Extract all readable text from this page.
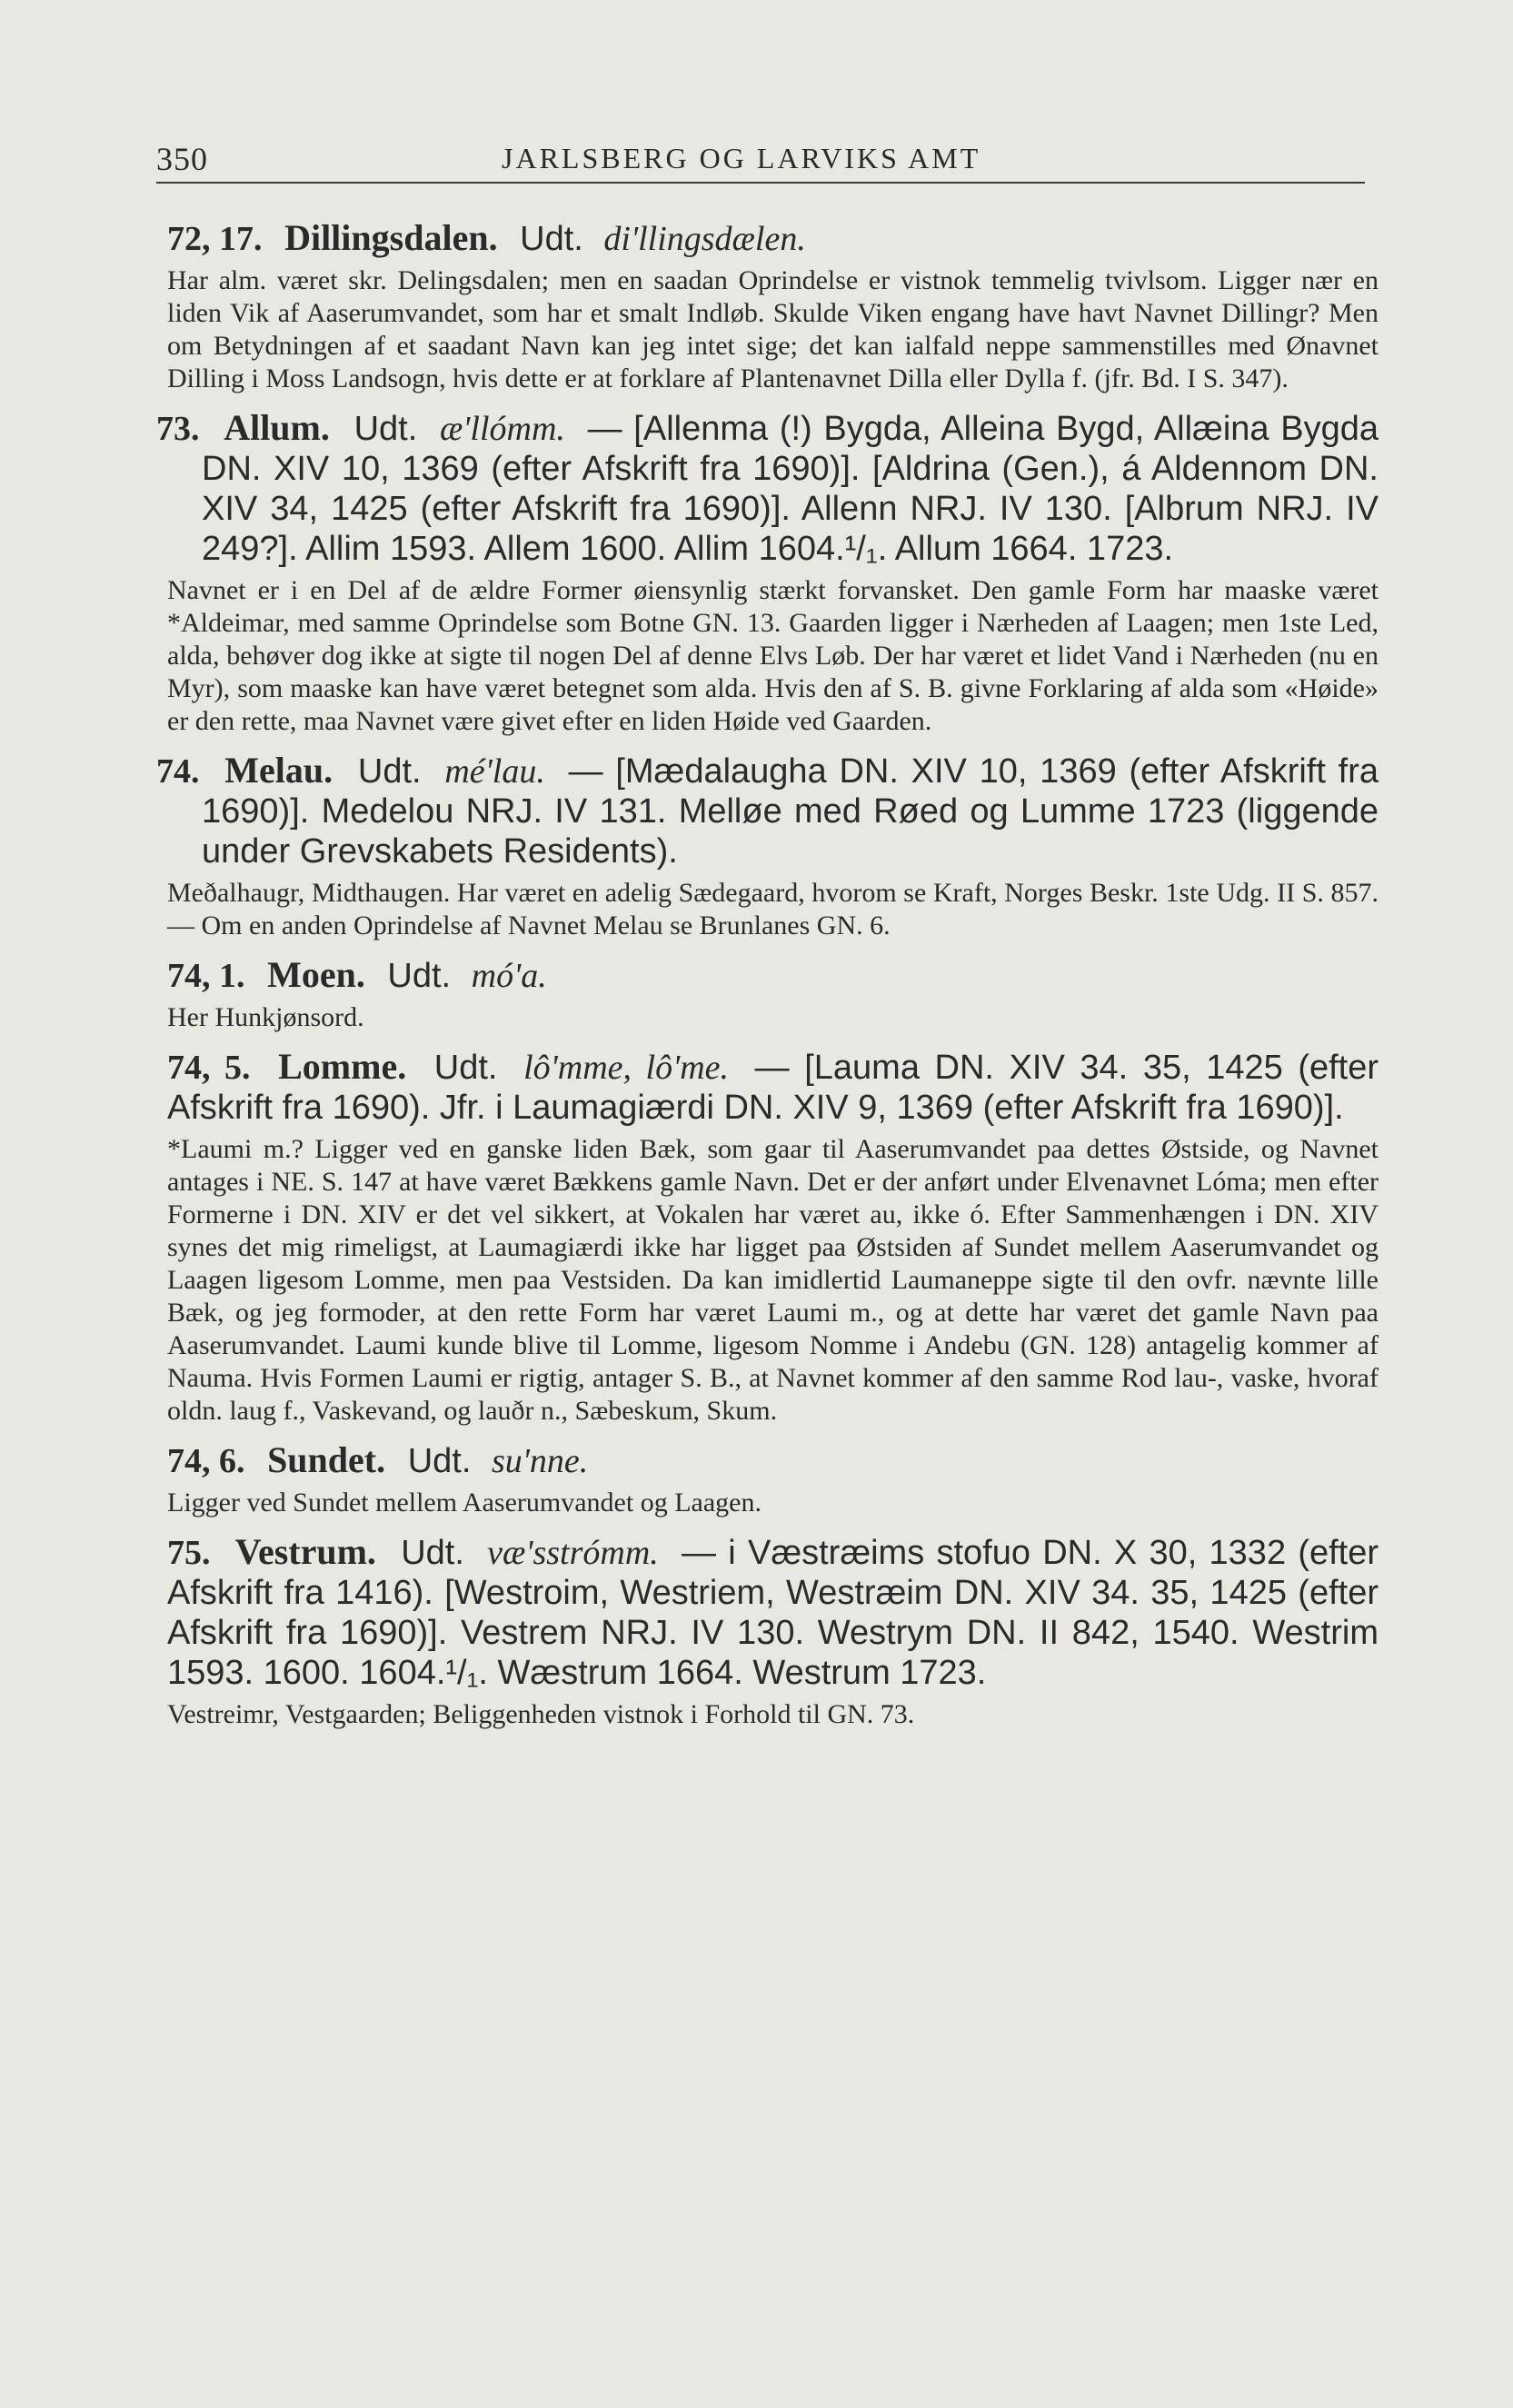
350	JARLSBERG OG LARVIKS AMT

72, 17. Dillingsdalen. Udt. di'llingsdælen.

Har alm. været skr. Delingsdalen; men en saadan Oprindelse er vistnok temmelig tvivlsom. Ligger nær en liden Vik af Aaserumvandet, som har et smalt Indløb. Skulde Viken engang have havt Navnet Dillingr? Men om Betydningen af et saadant Navn kan jeg intet sige; det kan ialfald neppe sammenstilles med Ønavnet Dilling i Moss Landsogn, hvis dette er at forklare af Plantenavnet Dilla eller Dylla f. (jfr. Bd. I S. 347).

73. Allum. Udt. æ'llómm. — [Allenma (!) Bygda, Alleina Bygd, Allæina Bygda DN. XIV 10, 1369 (efter Afskrift fra 1690)]. [Aldrina (Gen.), á Aldennom DN. XIV 34, 1425 (efter Afskrift fra 1690)]. Allenn NRJ. IV 130. [Albrum NRJ. IV 249?]. Allim 1593. Allem 1600. Allim 1604.¹/₁. Allum 1664. 1723.

Navnet er i en Del af de ældre Former øiensynlig stærkt forvansket. Den gamle Form har maaske været *Aldeimar, med samme Oprindelse som Botne GN. 13. Gaarden ligger i Nærheden af Laagen; men 1ste Led, alda, behøver dog ikke at sigte til nogen Del af denne Elvs Løb. Der har været et lidet Vand i Nærheden (nu en Myr), som maaske kan have været betegnet som alda. Hvis den af S. B. givne Forklaring af alda som «Høide» er den rette, maa Navnet være givet efter en liden Høide ved Gaarden.

74. Melau. Udt. mé'lau. — [Mædalaugha DN. XIV 10, 1369 (efter Afskrift fra 1690)]. Medelou NRJ. IV 131. Melløe med Røed og Lumme 1723 (liggende under Grevskabets Residents).

Meðalhaugr, Midthaugen. Har været en adelig Sædegaard, hvorom se Kraft, Norges Beskr. 1ste Udg. II S. 857. — Om en anden Oprindelse af Navnet Melau se Brunlanes GN. 6.

74, 1. Moen. Udt. mó'a.

Her Hunkjønsord.

74, 5. Lomme. Udt. lô'mme, lô'me. — [Lauma DN. XIV 34. 35, 1425 (efter Afskrift fra 1690). Jfr. i Laumagiærdi DN. XIV 9, 1369 (efter Afskrift fra 1690)].

*Laumi m.? Ligger ved en ganske liden Bæk, som gaar til Aaserumvandet paa dettes Østside, og Navnet antages i NE. S. 147 at have været Bækkens gamle Navn. Det er der anført under Elvenavnet Lóma; men efter Formerne i DN. XIV er det vel sikkert, at Vokalen har været au, ikke ó. Efter Sammenhængen i DN. XIV synes det mig rimeligst, at Laumagiærdi ikke har ligget paa Østsiden af Sundet mellem Aaserumvandet og Laagen ligesom Lomme, men paa Vestsiden. Da kan imidlertid Laumaneppe sigte til den ovfr. nævnte lille Bæk, og jeg formoder, at den rette Form har været Laumi m., og at dette har været det gamle Navn paa Aaserumvandet. Laumi kunde blive til Lomme, ligesom Nomme i Andebu (GN. 128) antagelig kommer af Nauma. Hvis Formen Laumi er rigtig, antager S. B., at Navnet kommer af den samme Rod lau-, vaske, hvoraf oldn. laug f., Vaskevand, og lauðr n., Sæbeskum, Skum.

74, 6. Sundet. Udt. su'nne.

Ligger ved Sundet mellem Aaserumvandet og Laagen.

75. Vestrum. Udt. væ'sstrómm. — i Væstræims stofuo DN. X 30, 1332 (efter Afskrift fra 1416). [Westroim, Westriem, Westræim DN. XIV 34. 35, 1425 (efter Afskrift fra 1690)]. Vestrem NRJ. IV 130. Westrym DN. II 842, 1540. Westrim 1593. 1600. 1604.¹/₁. Wæstrum 1664. Westrum 1723.

Vestreimr, Vestgaarden; Beliggenheden vistnok i Forhold til GN. 73.
